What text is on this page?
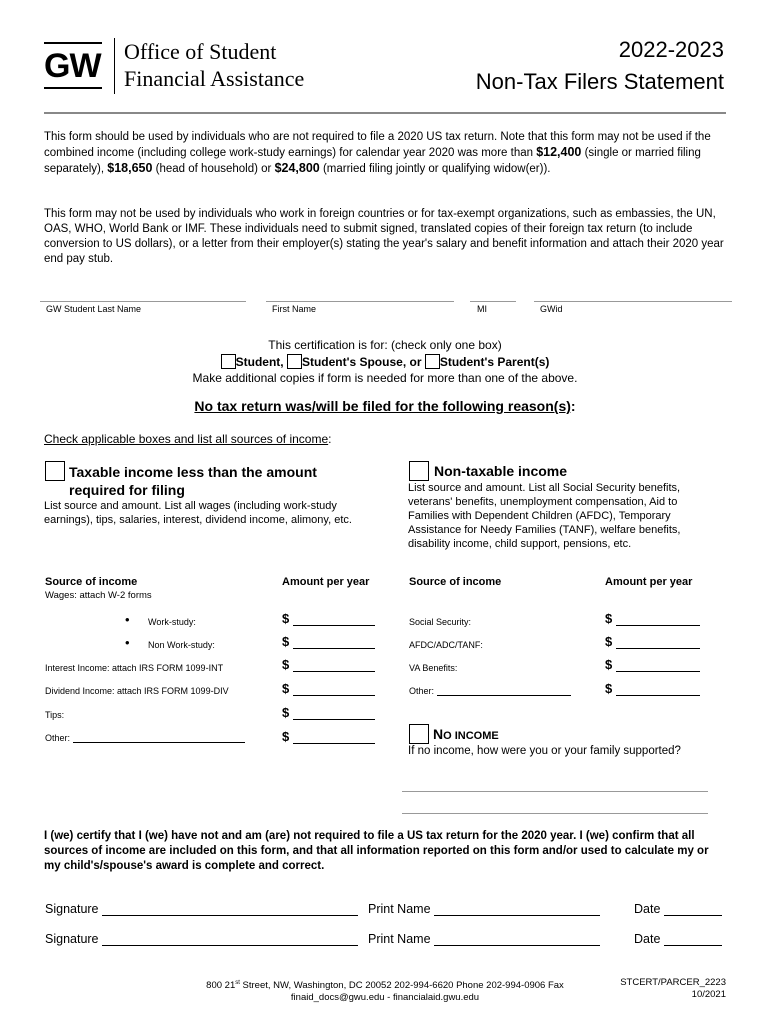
GW Office of Student
Financial Assistance
2022-2023
Non-Tax Filers Statement
This form should be used by individuals who are not required to file a 2020 US tax return. Note that this form may not be used if the combined income (including college work-study earnings) for calendar year 2020 was more than $12,400 (single or married filing separately), $18,650 (head of household) or $24,800 (married filing jointly or qualifying widow(er)).
This form may not be used by individuals who work in foreign countries or for tax-exempt organizations, such as embassies, the UN, OAS, WHO, World Bank or IMF. These individuals need to submit signed, translated copies of their foreign tax return (to include conversion to US dollars), or a letter from their employer(s) stating the year's salary and benefit information and attach their 2020 year end pay stub.
GW Student Last Name	First Name	MI	GWid
This certification is for: (check only one box)
Student, Student's Spouse, or Student's Parent(s)
Make additional copies if form is needed for more than one of the above.
No tax return was/will be filed for the following reason(s):
Check applicable boxes and list all sources of income:
Taxable income less than the amount
required for filing
List source and amount. List all wages (including work-study earnings), tips, salaries, interest, dividend income, alimony, etc.
Source of income	Amount per year
Wages: attach W-2 forms
• Work-study:	$
• Non Work-study:	$
Interest Income: attach IRS FORM 1099-INT	$
Dividend Income: attach IRS FORM 1099-DIV	$
Tips:	$
Other:	$
Non-taxable income
List source and amount. List all Social Security benefits, veterans' benefits, unemployment compensation, Aid to Families with Dependent Children (AFDC), Temporary Assistance for Needy Families (TANF), welfare benefits, disability income, child support, pensions, etc.
Source of income	Amount per year
Social Security:	$
AFDC/ADC/TANF:	$
VA Benefits:	$
Other:	$
NO INCOME
If no income, how were you or your family supported?
I (we) certify that I (we) have not and am (are) not required to file a US tax return for the 2020 year. I (we) confirm that all sources of income are included on this form, and that all information reported on this form and/or used to calculate my or my child's/spouse's award is complete and correct.
Signature	Print Name	Date
Signature	Print Name	Date
800 21st Street, NW, Washington, DC 20052 202-994-6620 Phone 202-994-0906 Fax
finaid_docs@gwu.edu - financialaid.gwu.edu
STCERT/PARCER_2223
10/2021
